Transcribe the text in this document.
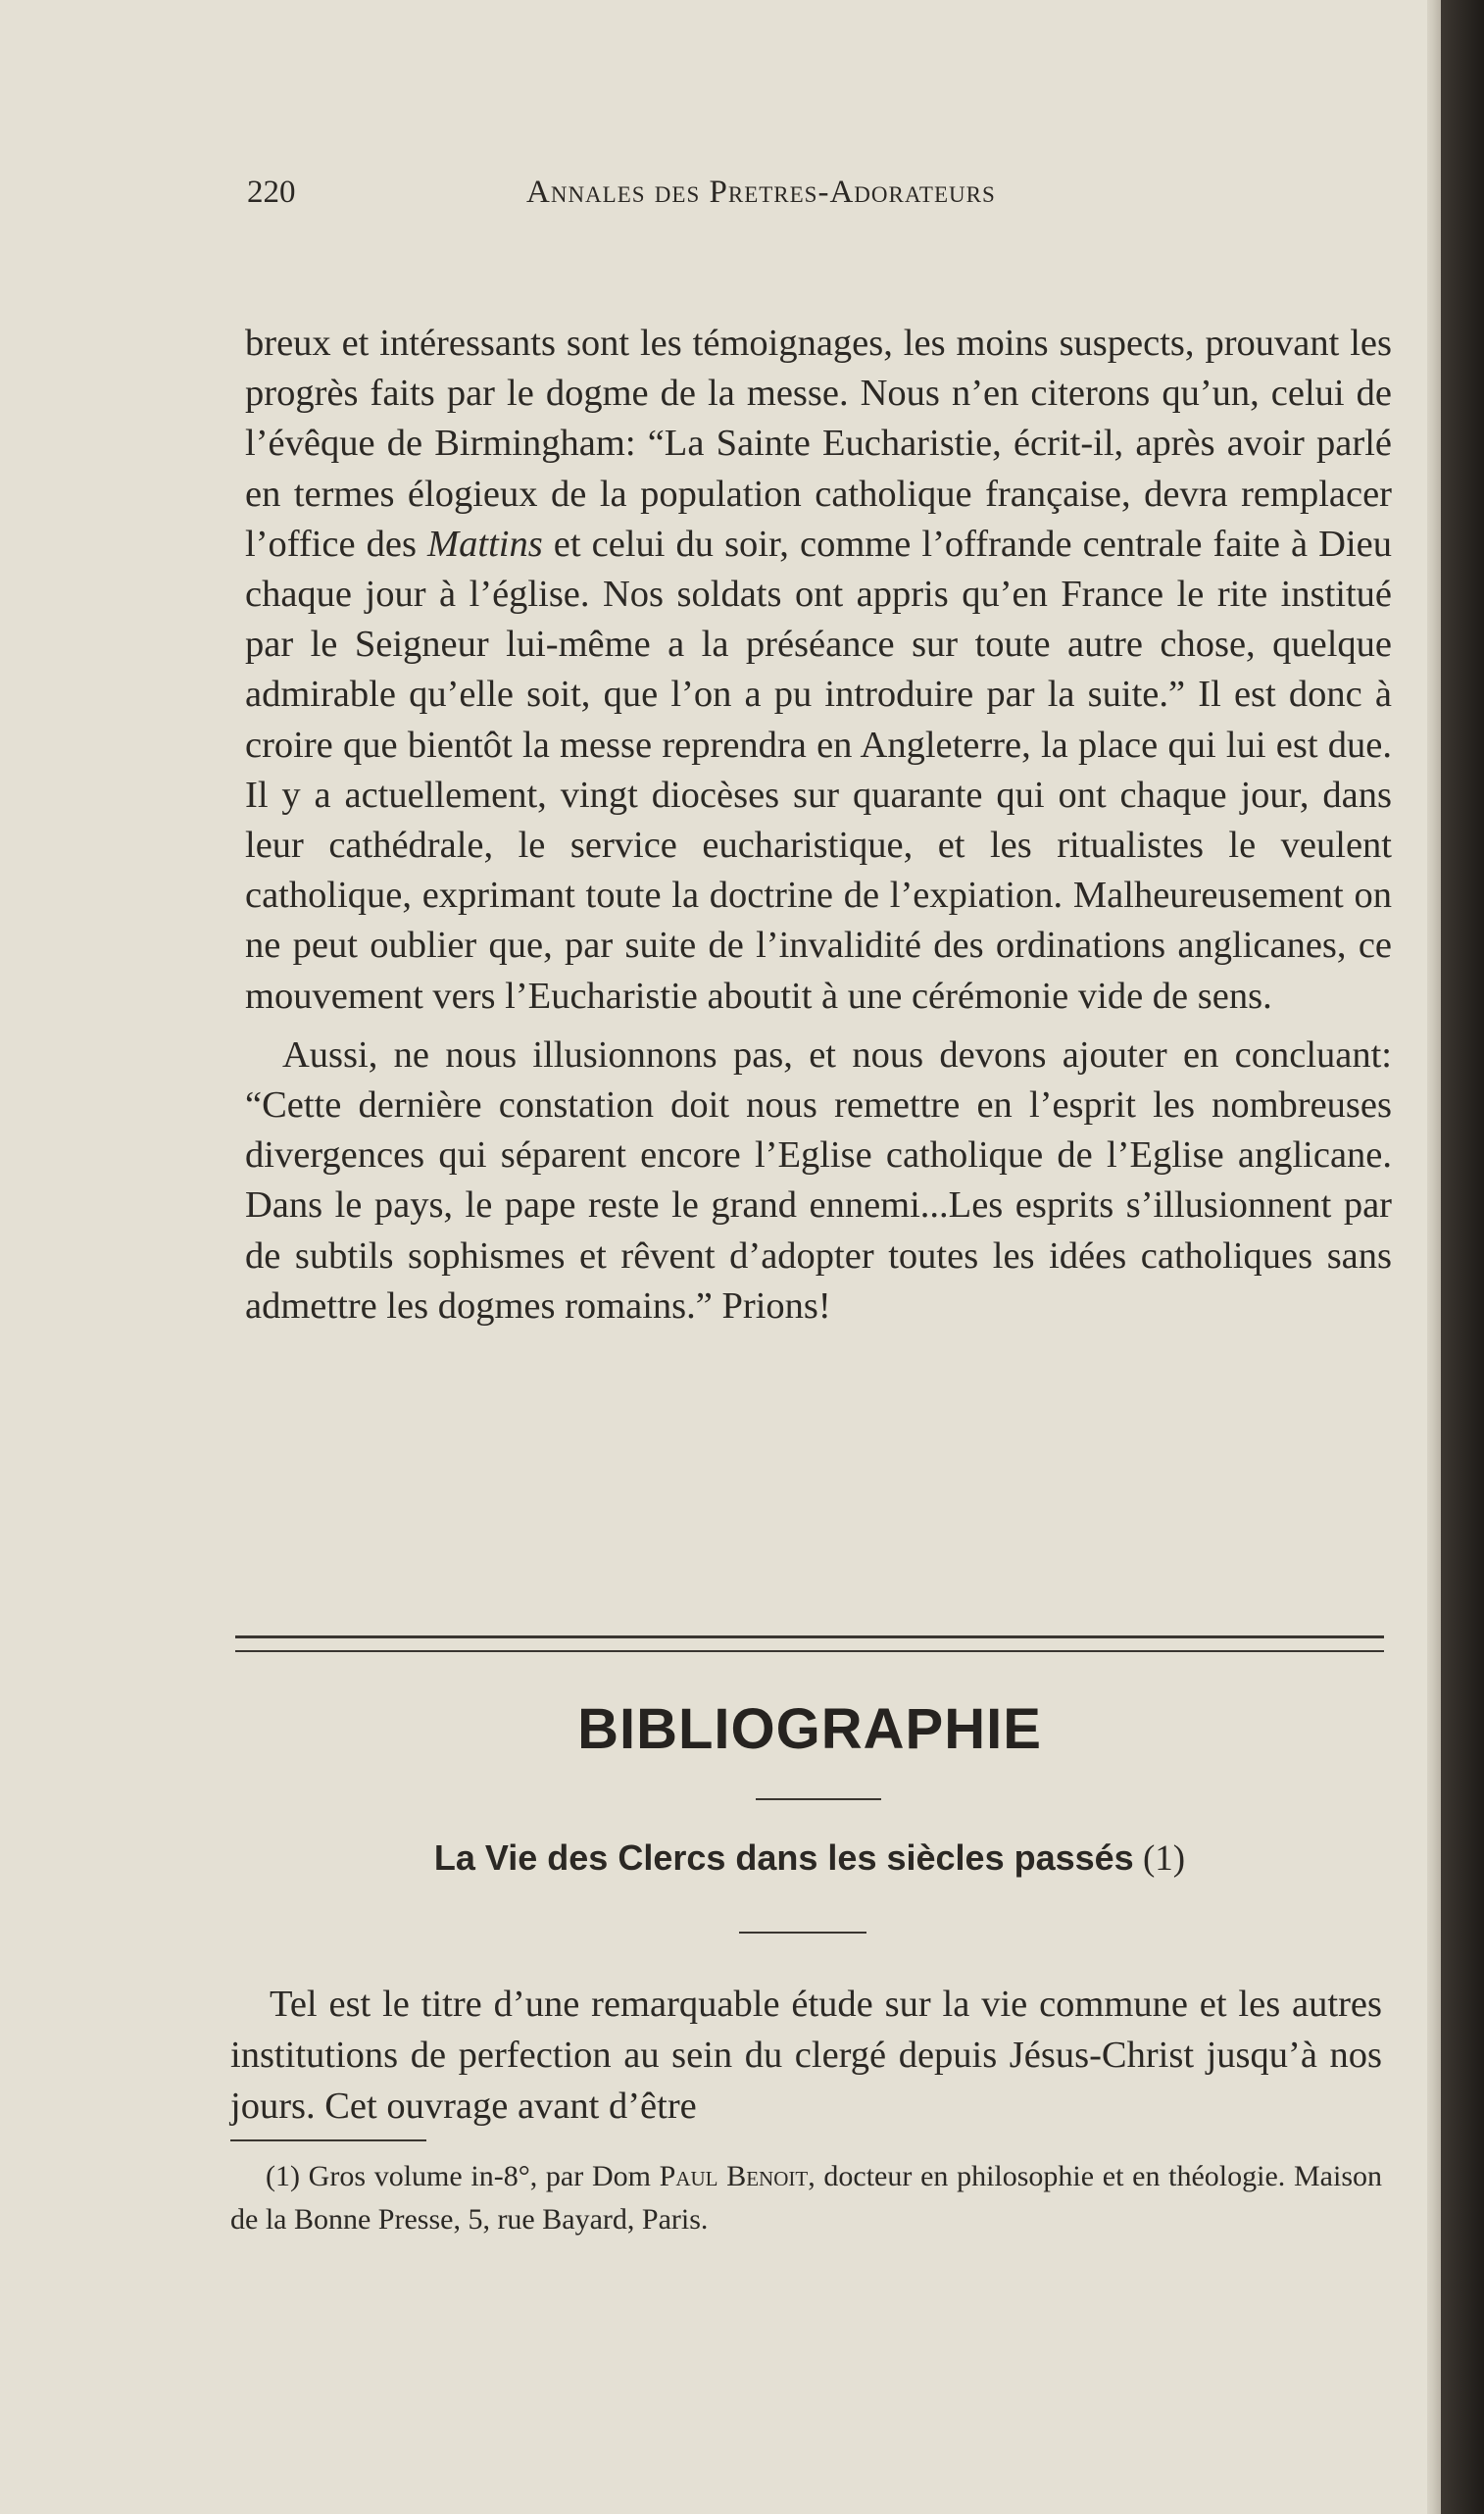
220	Annales des Pretres-Adorateurs

breux et intéressants sont les témoignages, les moins suspects, prouvant les progrès faits par le dogme de la messe. Nous n’en citerons qu’un, celui de l’évêque de Birmingham: “La Sainte Eucharistie, écrit-il, après avoir parlé en termes élogieux de la population catholique française, devra remplacer l’office des Mattins et celui du soir, comme l’offrande centrale faite à Dieu chaque jour à l’église. Nos soldats ont appris qu’en France le rite institué par le Seigneur lui-même a la préséance sur toute autre chose, quelque admirable qu’elle soit, que l’on a pu introduire par la suite.” Il est donc à croire que bientôt la messe reprendra en Angleterre, la place qui lui est due. Il y a actuellement, vingt diocèses sur quarante qui ont chaque jour, dans leur cathédrale, le service eucharistique, et les ritualistes le veulent catholique, exprimant toute la doctrine de l’expiation. Malheureusement on ne peut oublier que, par suite de l’invalidité des ordinations anglicanes, ce mouvement vers l’Eucharistie aboutit à une cérémonie vide de sens.

Aussi, ne nous illusionnons pas, et nous devons ajouter en concluant: “Cette dernière constation doit nous remettre en l’esprit les nombreuses divergences qui séparent encore l’Eglise catholique de l’Eglise anglicane. Dans le pays, le pape reste le grand ennemi...Les esprits s’illusionnent par de subtils sophismes et rêvent d’adopter toutes les idées catholiques sans admettre les dogmes romains.” Prions!

BIBLIOGRAPHIE
La Vie des Clercs dans les siècles passés (1)

Tel est le titre d’une remarquable étude sur la vie commune et les autres institutions de perfection au sein du clergé depuis Jésus-Christ jusqu’à nos jours. Cet ouvrage avant d’être

(1) Gros volume in-8°, par Dom Paul Benoit, docteur en philosophie et en théologie. Maison de la Bonne Presse, 5, rue Bayard, Paris.
